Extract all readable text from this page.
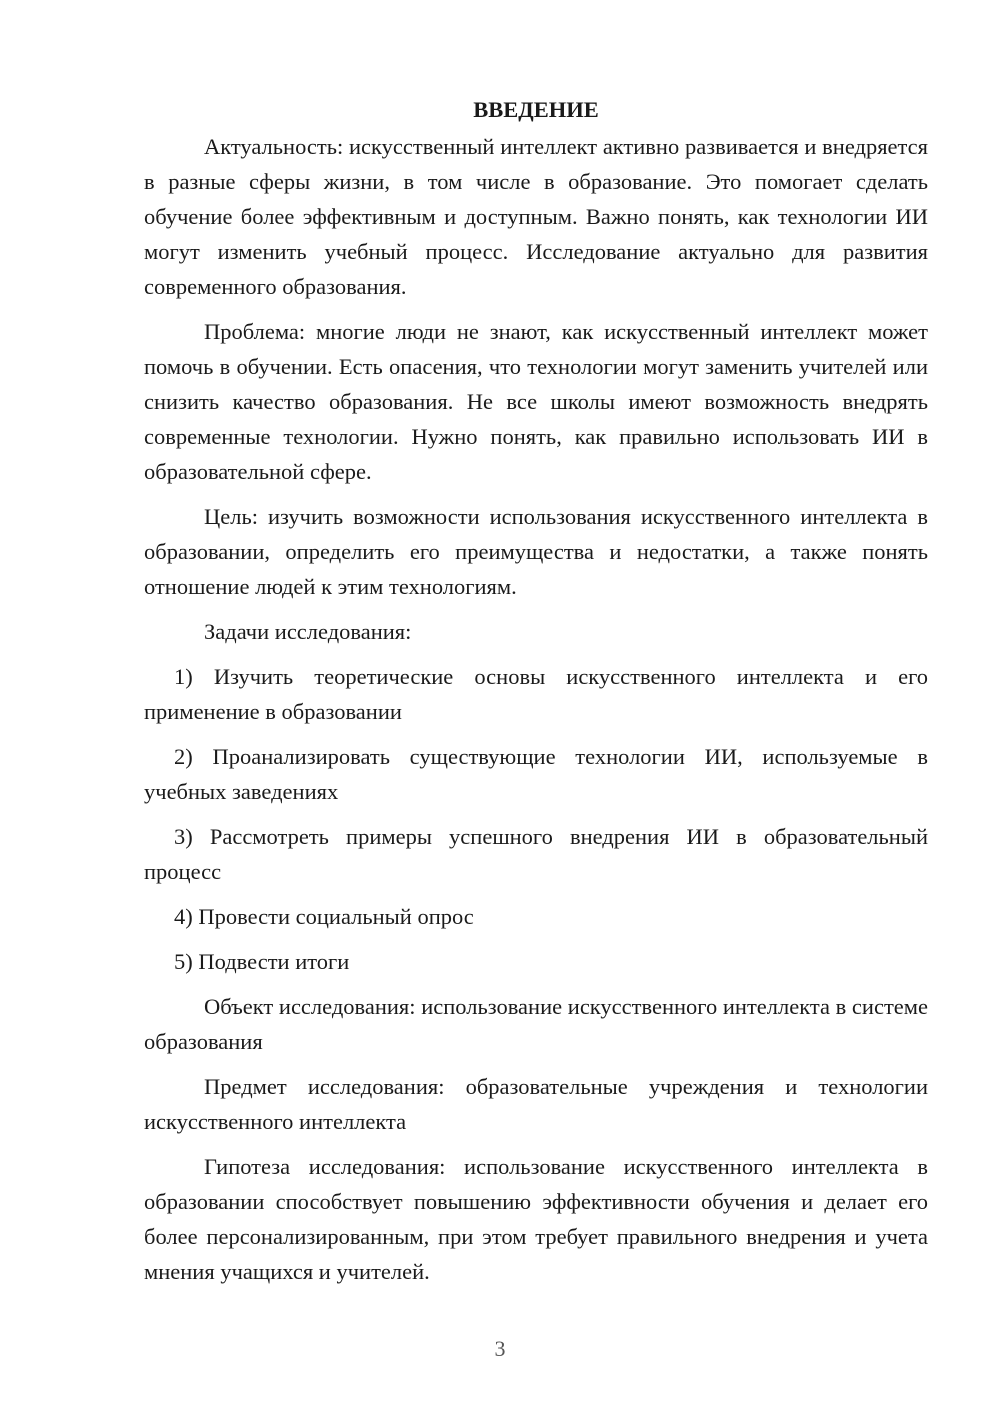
ВВЕДЕНИЕ

Актуальность: искусственный интеллект активно развивается и внедряется в разные сферы жизни, в том числе в образование. Это помогает сделать обучение более эффективным и доступным. Важно понять, как технологии ИИ могут изменить учебный процесс. Исследование актуально для развития современного образования.

Проблема: многие люди не знают, как искусственный интеллект может помочь в обучении. Есть опасения, что технологии могут заменить учителей или снизить качество образования. Не все школы имеют возможность внедрять современные технологии. Нужно понять, как правильно использовать ИИ в образовательной сфере.

Цель: изучить возможности использования искусственного интеллекта в образовании, определить его преимущества и недостатки, а также понять отношение людей к этим технологиям.

Задачи исследования:

1) Изучить теоретические основы искусственного интеллекта и его применение в образовании

2) Проанализировать существующие технологии ИИ, используемые в учебных заведениях

3) Рассмотреть примеры успешного внедрения ИИ в образовательный процесс

4) Провести социальный опрос

5) Подвести итоги

Объект исследования: использование искусственного интеллекта в системе образования

Предмет исследования: образовательные учреждения и технологии искусственного интеллекта

Гипотеза исследования: использование искусственного интеллекта в образовании способствует повышению эффективности обучения и делает его более персонализированным, при этом требует правильного внедрения и учета мнения учащихся и учителей.

3
